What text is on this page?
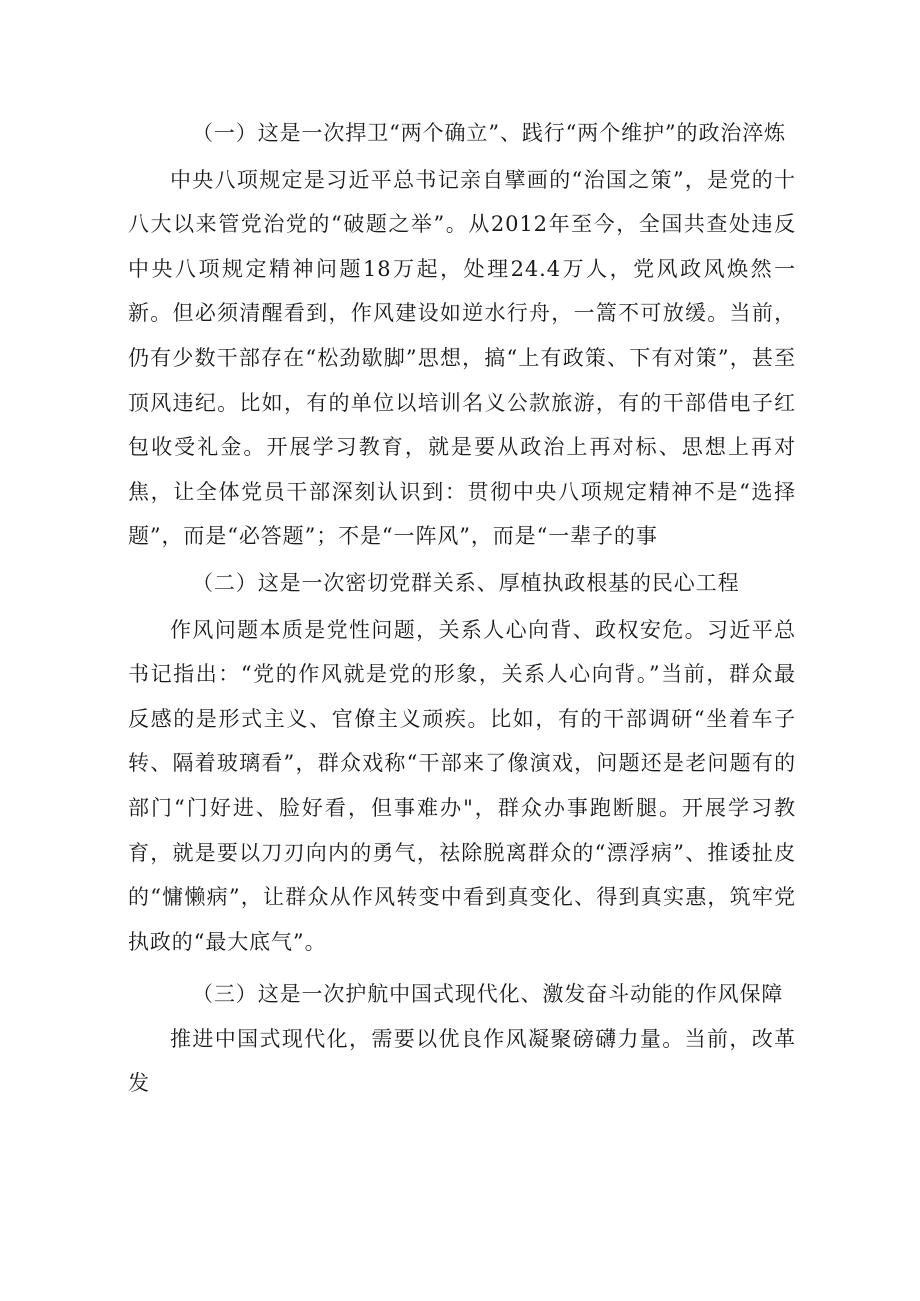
（一）这是一次捍卫“两个确立”、践行“两个维护”的政治淬炼

中央八项规定是习近平总书记亲自擘画的“治国之策”，是党的十八大以来管党治党的“破题之举”。从2012年至今，全国共查处违反中央八项规定精神问题18万起，处理24.4万人，党风政风焕然一新。但必须清醒看到，作风建设如逆水行舟，一篙不可放缓。当前，仍有少数干部存在“松劲歇脚”思想，搞“上有政策、下有对策”，甚至顶风违纪。比如，有的单位以培训名义公款旅游，有的干部借电子红包收受礼金。开展学习教育，就是要从政治上再对标、思想上再对焦，让全体党员干部深刻认识到：贯彻中央八项规定精神不是“选择题”，而是“必答题”；不是“一阵风”，而是“一辈子的事

（二）这是一次密切党群关系、厚植执政根基的民心工程

作风问题本质是党性问题，关系人心向背、政权安危。习近平总书记指出：“党的作风就是党的形象，关系人心向背。”当前，群众最反感的是形式主义、官僚主义顽疾。比如，有的干部调研“坐着车子转、隔着玻璃看”，群众戏称“干部来了像演戏，问题还是老问题有的部门“门好进、脸好看，但事难办"，群众办事跑断腿。开展学习教育，就是要以刀刃向内的勇气，祛除脱离群众的“漂浮病”、推诿扯皮的“慵懒病”，让群众从作风转变中看到真变化、得到真实惠，筑牢党执政的“最大底气”。

（三）这是一次护航中国式现代化、激发奋斗动能的作风保障

推进中国式现代化，需要以优良作风凝聚磅礴力量。当前，改革发
